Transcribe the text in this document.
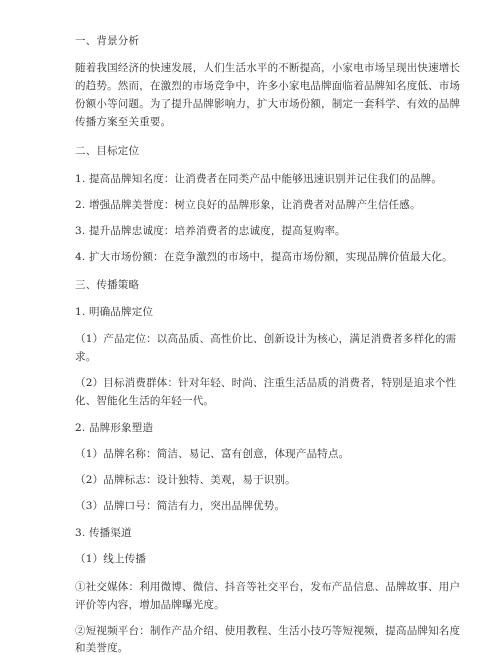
一、背景分析
随着我国经济的快速发展，人们生活水平的不断提高，小家电市场呈现出快速增长
的趋势。然而，在激烈的市场竞争中，许多小家电品牌面临着品牌知名度低、市场
份额小等问题。为了提升品牌影响力，扩大市场份额，制定一套科学、有效的品牌
传播方案至关重要。
二、目标定位
1. 提高品牌知名度：让消费者在同类产品中能够迅速识别并记住我们的品牌。
2. 增强品牌美誉度：树立良好的品牌形象，让消费者对品牌产生信任感。
3. 提升品牌忠诚度：培养消费者的忠诚度，提高复购率。
4. 扩大市场份额：在竞争激烈的市场中，提高市场份额，实现品牌价值最大化。
三、传播策略
1. 明确品牌定位
（1）产品定位：以高品质、高性价比、创新设计为核心，满足消费者多样化的需
求。
（2）目标消费群体：针对年轻、时尚、注重生活品质的消费者，特别是追求个性
化、智能化生活的年轻一代。
2. 品牌形象塑造
（1）品牌名称：简洁、易记、富有创意，体现产品特点。
（2）品牌标志：设计独特、美观，易于识别。
（3）品牌口号：简洁有力，突出品牌优势。
3. 传播渠道
（1）线上传播
①社交媒体：利用微博、微信、抖音等社交平台，发布产品信息、品牌故事、用户
评价等内容，增加品牌曝光度。
②短视频平台：制作产品介绍、使用教程、生活小技巧等短视频，提高品牌知名度
和美誉度。
